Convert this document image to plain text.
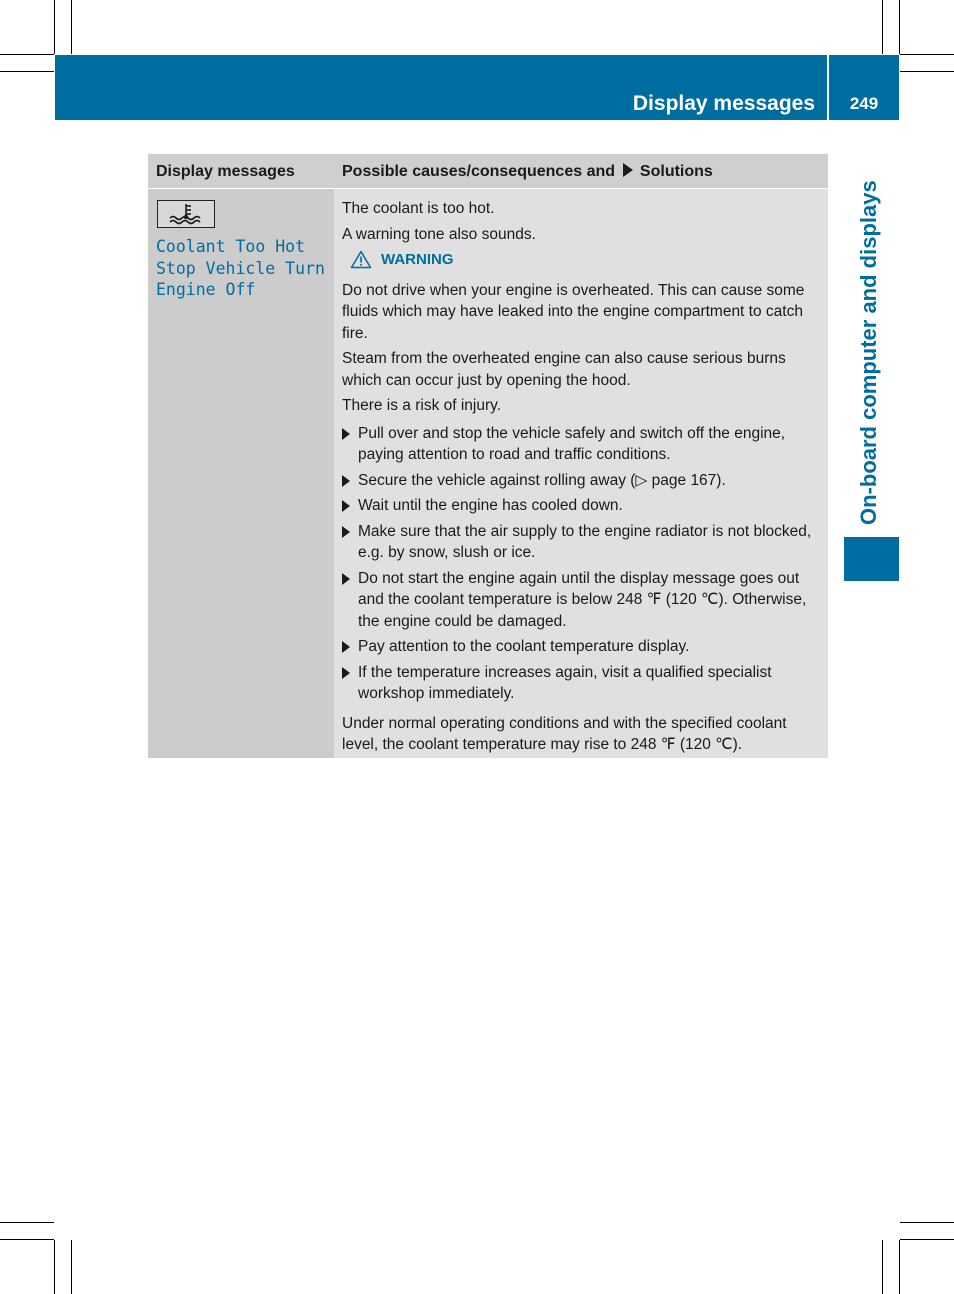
Display messages	249
On-board computer and displays
Display messages	Possible causes/consequences and Solutions
Coolant Too Hot
Stop Vehicle Turn
Engine Off

The coolant is too hot.

A warning tone also sounds.

WARNING

Do not drive when your engine is overheated. This can cause some fluids which may have leaked into the engine compartment to catch fire.

Steam from the overheated engine can also cause serious burns which can occur just by opening the hood.

There is a risk of injury.

Pull over and stop the vehicle safely and switch off the engine, paying attention to road and traffic conditions.
Secure the vehicle against rolling away (▷ page 167).
Wait until the engine has cooled down.
Make sure that the air supply to the engine radiator is not blocked, e.g. by snow, slush or ice.
Do not start the engine again until the display message goes out and the coolant temperature is below 248 ℉ (120 ℃). Otherwise, the engine could be damaged.
Pay attention to the coolant temperature display.
If the temperature increases again, visit a qualified specialist workshop immediately.

Under normal operating conditions and with the specified coolant level, the coolant temperature may rise to 248 ℉ (120 ℃).
